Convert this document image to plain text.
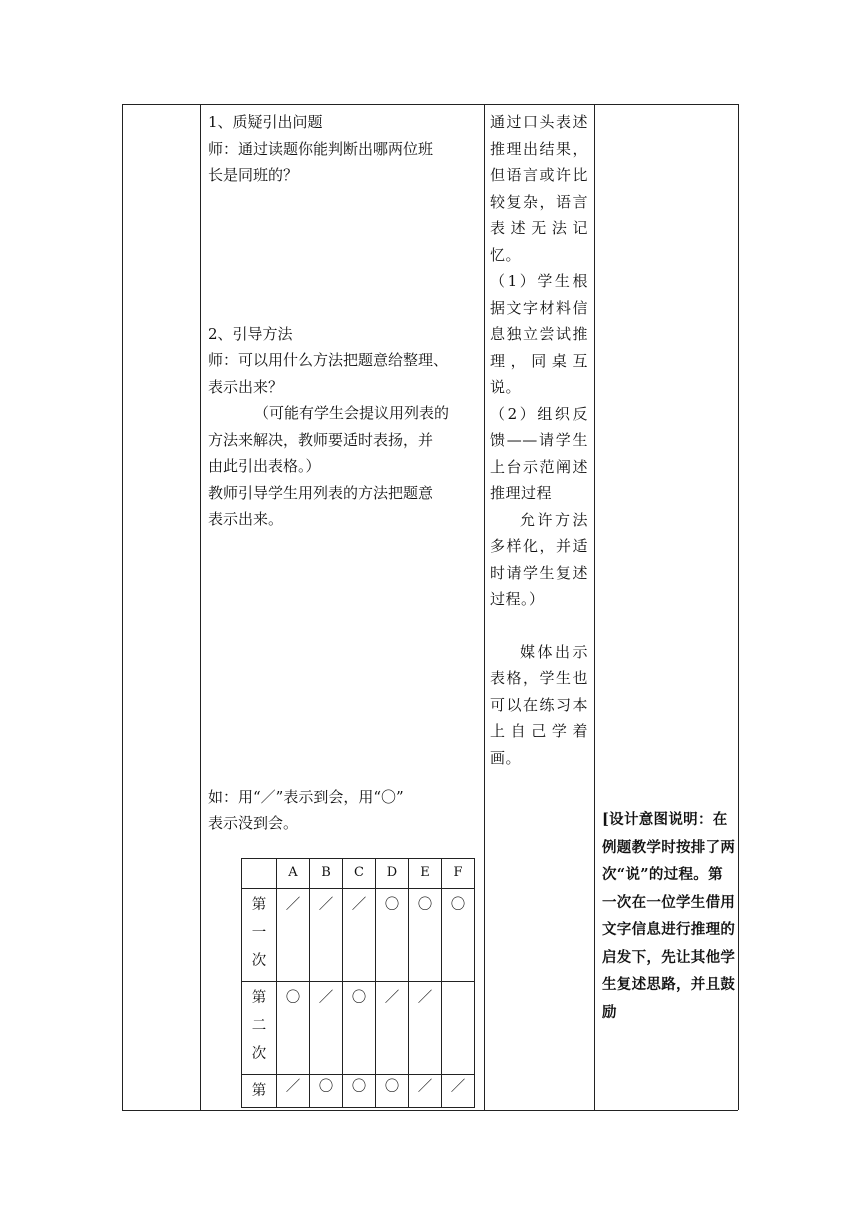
1、质疑引出问题

师：通过读题你能判断出哪两位班

长是同班的？

2、引导方法

师：可以用什么方法把题意给整理、

表示出来？

（可能有学生会提议用列表的

方法来解决，教师要适时表扬，并

由此引出表格。）

教师引导学生用列表的方法把题意

表示出来。

如：用“／”表示到会，用“〇”

表示没到会。

	A	B	C	D	E	F

第
一
次	／	／	／	〇	〇	〇

第
二
次	〇	／	〇	／	／	

第	／	〇	〇	〇	／	／

通过口头表述推理出结果，但语言或许比较复杂，语言表述无法记忆。

（1）学生根据文字材料信息独立尝试推理，同桌互说。

（2）组织反馈——请学生上台示范阐述推理过程

允许方法多样化，并适时请学生复述过程。）

媒体出示表格，学生也可以在练习本上自己学着画。

[设计意图说明：在例题教学时按排了两次“说”的过程。第一次在一位学生借用文字信息进行推理的启发下，先让其他学生复述思路，并且鼓励
